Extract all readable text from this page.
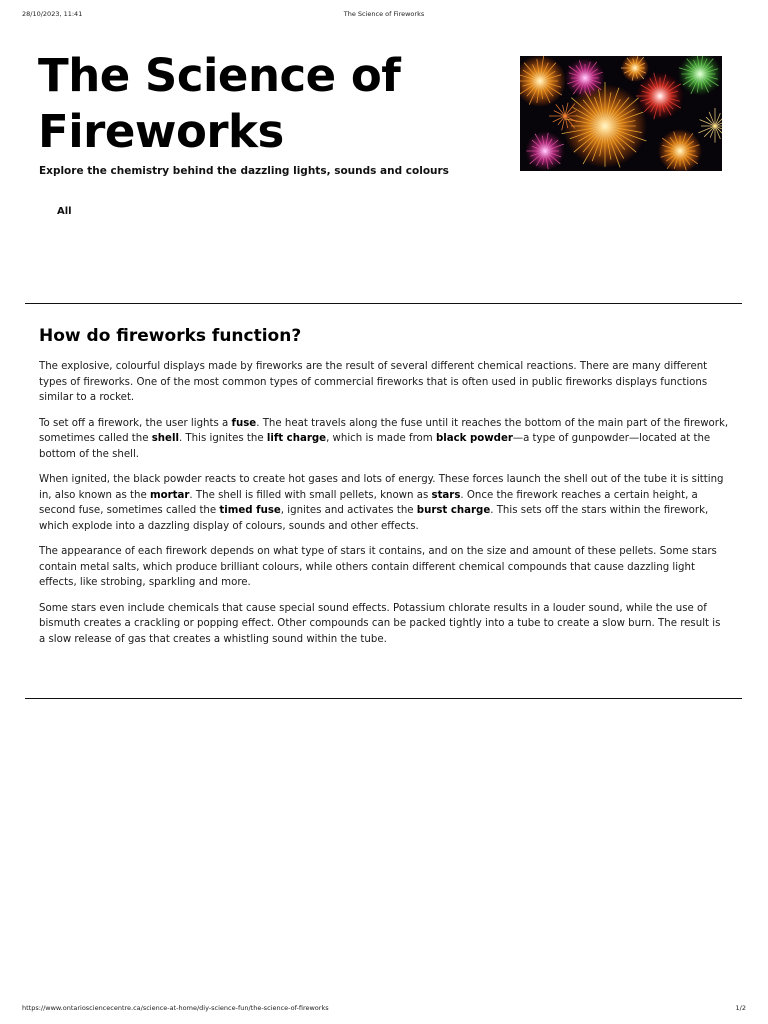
28/10/2023, 11:41	The Science of Fireworks
The Science of Fireworks
Explore the chemistry behind the dazzling lights, sounds and colours
All
How do fireworks function?

The explosive, colourful displays made by fireworks are the result of several different chemical reactions. There are many different types of fireworks. One of the most common types of commercial fireworks that is often used in public fireworks displays functions similar to a rocket.

To set off a firework, the user lights a fuse. The heat travels along the fuse until it reaches the bottom of the main part of the firework, sometimes called the shell. This ignites the lift charge, which is made from black powder—a type of gunpowder—located at the bottom of the shell.

When ignited, the black powder reacts to create hot gases and lots of energy. These forces launch the shell out of the tube it is sitting in, also known as the mortar. The shell is filled with small pellets, known as stars. Once the firework reaches a certain height, a second fuse, sometimes called the timed fuse, ignites and activates the burst charge. This sets off the stars within the firework, which explode into a dazzling display of colours, sounds and other effects.

The appearance of each firework depends on what type of stars it contains, and on the size and amount of these pellets. Some stars contain metal salts, which produce brilliant colours, while others contain different chemical compounds that cause dazzling light effects, like strobing, sparkling and more.

Some stars even include chemicals that cause special sound effects. Potassium chlorate results in a louder sound, while the use of bismuth creates a crackling or popping effect. Other compounds can be packed tightly into a tube to create a slow burn. The result is a slow release of gas that creates a whistling sound within the tube.

https://www.ontariosciencecentre.ca/science-at-home/diy-science-fun/the-science-of-fireworks	1/2
